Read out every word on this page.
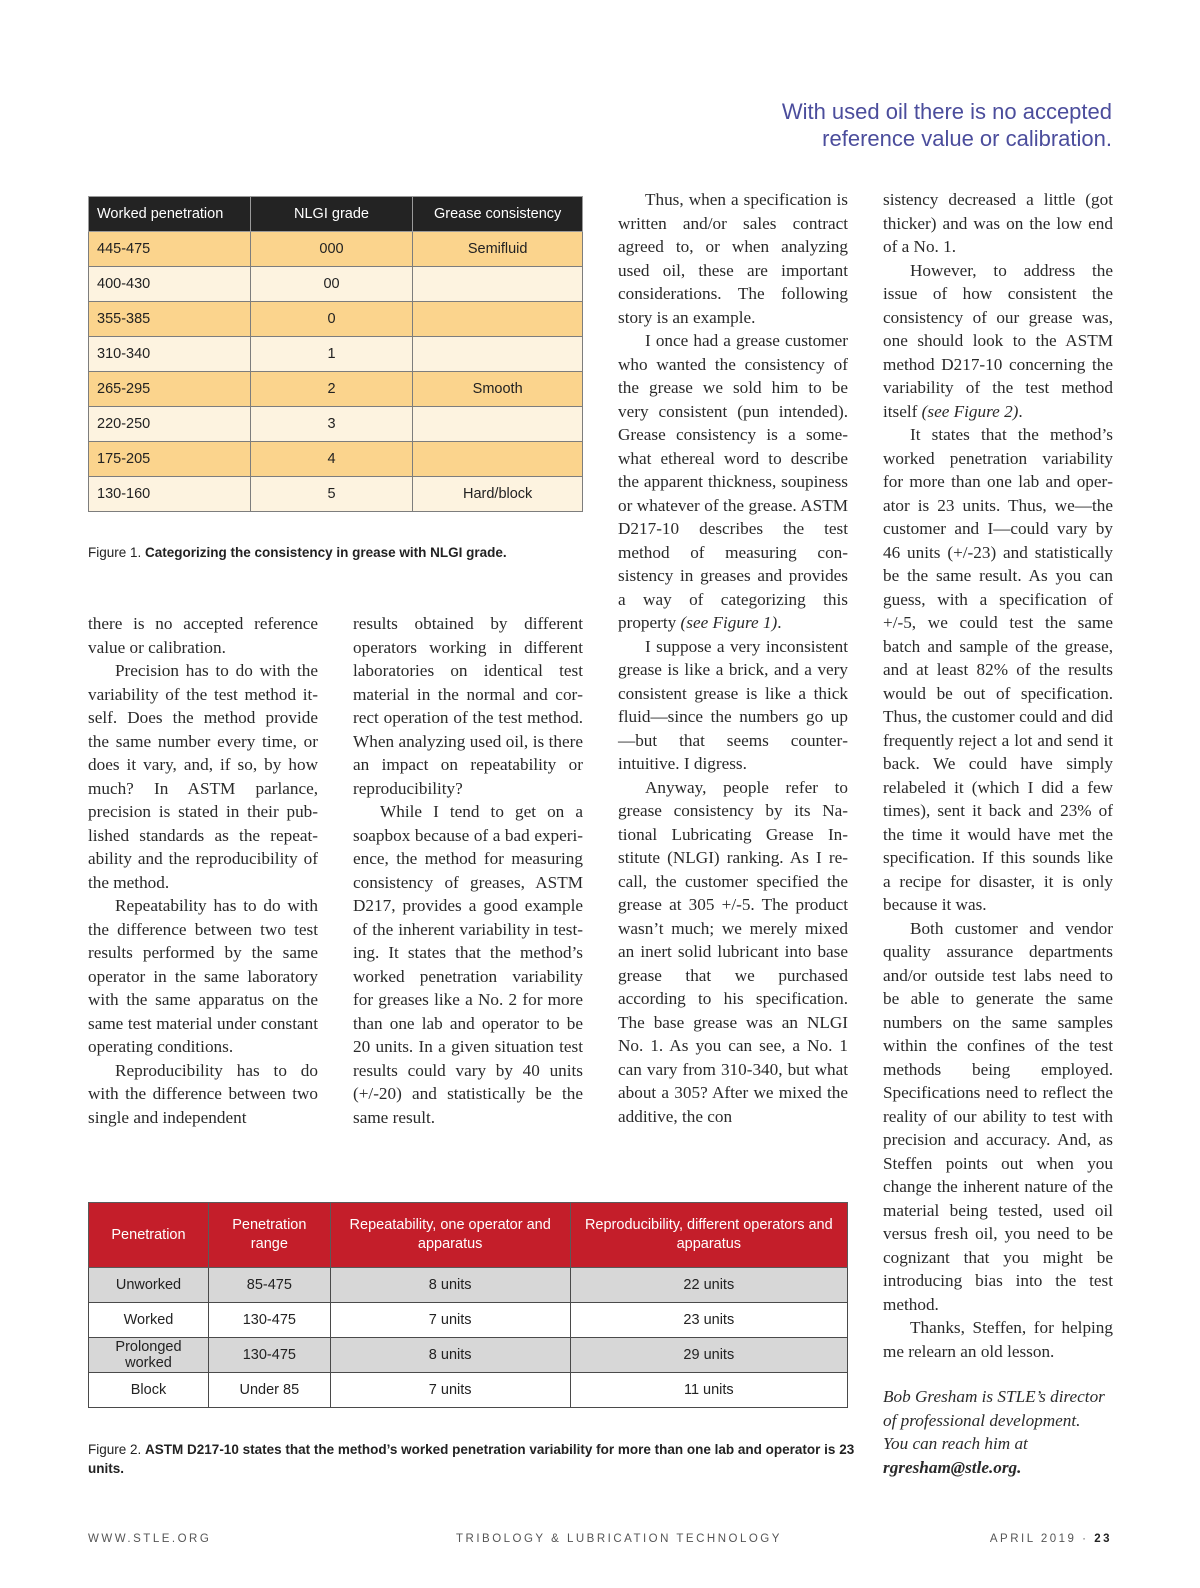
With used oil there is no accepted
reference value or calibration.
Worked penetration	NLGI grade	Grease consistency
445-475	000	Semifluid
400-430	00	
355-385	0	
310-340	1	
265-295	2	Smooth
220-250	3	
175-205	4	
130-160	5	Hard/block
Figure 1. Categorizing the consistency in grease with NLGI grade.

there is no accepted reference value or calibration.

Precision has to do with the variability of the test method itself. Does the method provide the same number every time, or does it vary, and, if so, by how much? In ASTM parlance, precision is stated in their published standards as the repeatability and the reproducibility of the method.

Repeatability has to do with the difference between two test results performed by the same operator in the same laboratory with the same apparatus on the same test material under constant operating conditions.

Reproducibility has to do with the difference between two single and independent

results obtained by different operators working in different laboratories on identical test material in the normal and correct operation of the test method. When analyzing used oil, is there an impact on repeatability or reproducibility?

While I tend to get on a soapbox because of a bad experience, the method for measuring consistency of greases, ASTM D217, provides a good example of the inherent variability in testing. It states that the method’s worked penetration variability for greases like a No. 2 for more than one lab and operator to be 20 units. In a given situation test results could vary by 40 units (+/-20) and statistically be the same result.

Thus, when a specification is written and/or sales contract agreed to, or when analyzing used oil, these are important considerations. The following story is an example.

I once had a grease customer who wanted the consistency of the grease we sold him to be very consistent (pun intended). Grease consistency is a somewhat ethereal word to describe the apparent thickness, soupiness or whatever of the grease. ASTM D217-10 describes the test method of measuring consistency in greases and provides a way of categorizing this property (see Figure 1).

I suppose a very inconsistent grease is like a brick, and a very consistent grease is like a thick fluid—since the numbers go up—but that seems counterintuitive. I digress.

Anyway, people refer to grease consistency by its National Lubricating Grease Institute (NLGI) ranking. As I recall, the customer specified the grease at 305 +/-5. The product wasn’t much; we merely mixed an inert solid lubricant into base grease that we purchased according to his specification. The base grease was an NLGI No. 1. As you can see, a No. 1 can vary from 310-340, but what about a 305? After we mixed the additive, the con

sistency decreased a little (got thicker) and was on the low end of a No. 1.

However, to address the issue of how consistent the consistency of our grease was, one should look to the ASTM method D217-10 concerning the variability of the test method itself (see Figure 2).

It states that the method’s worked penetration variability for more than one lab and operator is 23 units. Thus, we—the customer and I—could vary by 46 units (+/-23) and statistically be the same result. As you can guess, with a specification of +/-5, we could test the same batch and sample of the grease, and at least 82% of the results would be out of specification. Thus, the customer could and did frequently reject a lot and send it back. We could have simply relabeled it (which I did a few times), sent it back and 23% of the time it would have met the specification. If this sounds like a recipe for disaster, it is only because it was.

Both customer and vendor quality assurance departments and/or outside test labs need to be able to generate the same numbers on the same samples within the confines of the test methods being employed. Specifications need to reflect the reality of our ability to test with precision and accuracy. And, as Steffen points out when you change the inherent nature of the material being tested, used oil versus fresh oil, you need to be cognizant that you might be introducing bias into the test method.

Thanks, Steffen, for helping me relearn an old lesson.

Bob Gresham is STLE’s director
of professional development.
You can reach him at
rgresham@stle.org.
Penetration	Penetration range	Repeatability, one operator and apparatus	Reproducibility, different operators and apparatus
Unworked	85-475	8 units	22 units
Worked	130-475	7 units	23 units
Prolonged worked	130-475	8 units	29 units
Block	Under 85	7 units	11 units
Figure 2. ASTM D217-10 states that the method’s worked penetration variability for more than one lab and operator is 23 units.
WWW.STLE.ORG	TRIBOLOGY & LUBRICATION TECHNOLOGY	APRIL 2019 · 23
